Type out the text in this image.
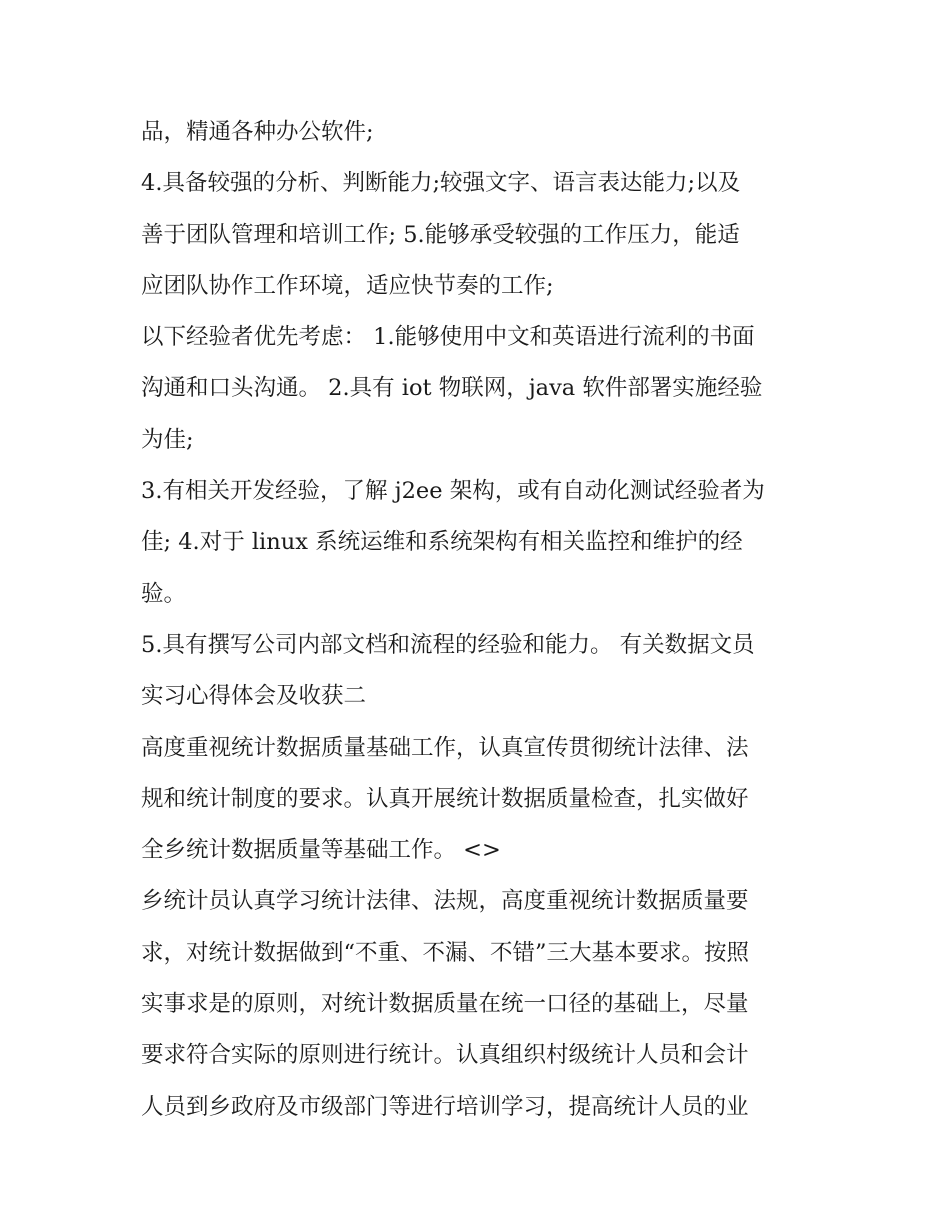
品，精通各种办公软件;
4.具备较强的分析、判断能力;较强文字、语言表达能力;以及
善于团队管理和培训工作; 5.能够承受较强的工作压力，能适
应团队协作工作环境，适应快节奏的工作;
以下经验者优先考虑： 1.能够使用中文和英语进行流利的书面
沟通和口头沟通。 2.具有 iot 物联网，java 软件部署实施经验
为佳;
3.有相关开发经验，了解 j2ee 架构，或有自动化测试经验者为
佳; 4.对于 linux 系统运维和系统架构有相关监控和维护的经
验。
5.具有撰写公司内部文档和流程的经验和能力。 有关数据文员
实习心得体会及收获二
高度重视统计数据质量基础工作，认真宣传贯彻统计法律、法
规和统计制度的要求。认真开展统计数据质量检查，扎实做好
全乡统计数据质量等基础工作。 <>
乡统计员认真学习统计法律、法规，高度重视统计数据质量要
求，对统计数据做到“不重、不漏、不错”三大基本要求。按照
实事求是的原则，对统计数据质量在统一口径的基础上，尽量
要求符合实际的原则进行统计。认真组织村级统计人员和会计
人员到乡政府及市级部门等进行培训学习，提高统计人员的业
